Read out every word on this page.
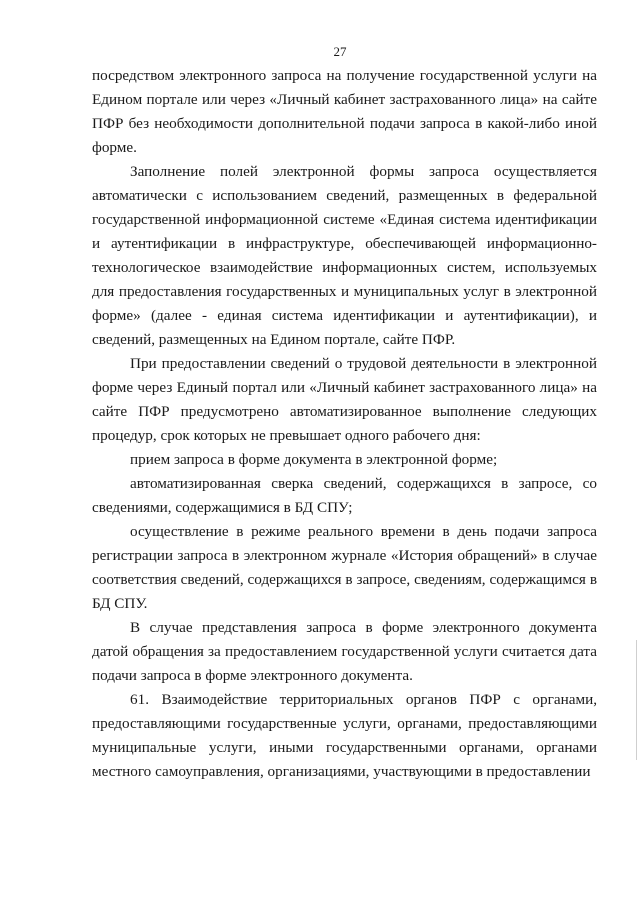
27

посредством электронного запроса на получение государственной услуги на Едином портале или через «Личный кабинет застрахованного лица» на сайте ПФР без необходимости дополнительной подачи запроса в какой-либо иной форме.

Заполнение полей электронной формы запроса осуществляется автоматически с использованием сведений, размещенных в федеральной государственной информационной системе «Единая система идентификации и аутентификации в инфраструктуре, обеспечивающей информационно-технологическое взаимодействие информационных систем, используемых для предоставления государственных и муниципальных услуг в электронной форме» (далее - единая система идентификации и аутентификации), и сведений, размещенных на Едином портале, сайте ПФР.

При предоставлении сведений о трудовой деятельности в электронной форме через Единый портал или «Личный кабинет застрахованного лица» на сайте ПФР предусмотрено автоматизированное выполнение следующих процедур, срок которых не превышает одного рабочего дня:

прием запроса в форме документа в электронной форме;

автоматизированная сверка сведений, содержащихся в запросе, со сведениями, содержащимися в БД СПУ;

осуществление в режиме реального времени в день подачи запроса регистрации запроса в электронном журнале «История обращений» в случае соответствия сведений, содержащихся в запросе, сведениям, содержащимся в БД СПУ.

В случае представления запроса в форме электронного документа датой обращения за предоставлением государственной услуги считается дата подачи запроса в форме электронного документа.

61. Взаимодействие территориальных органов ПФР с органами, предоставляющими государственные услуги, органами, предоставляющими муниципальные услуги, иными государственными органами, органами местного самоуправления, организациями, участвующими в предоставлении
